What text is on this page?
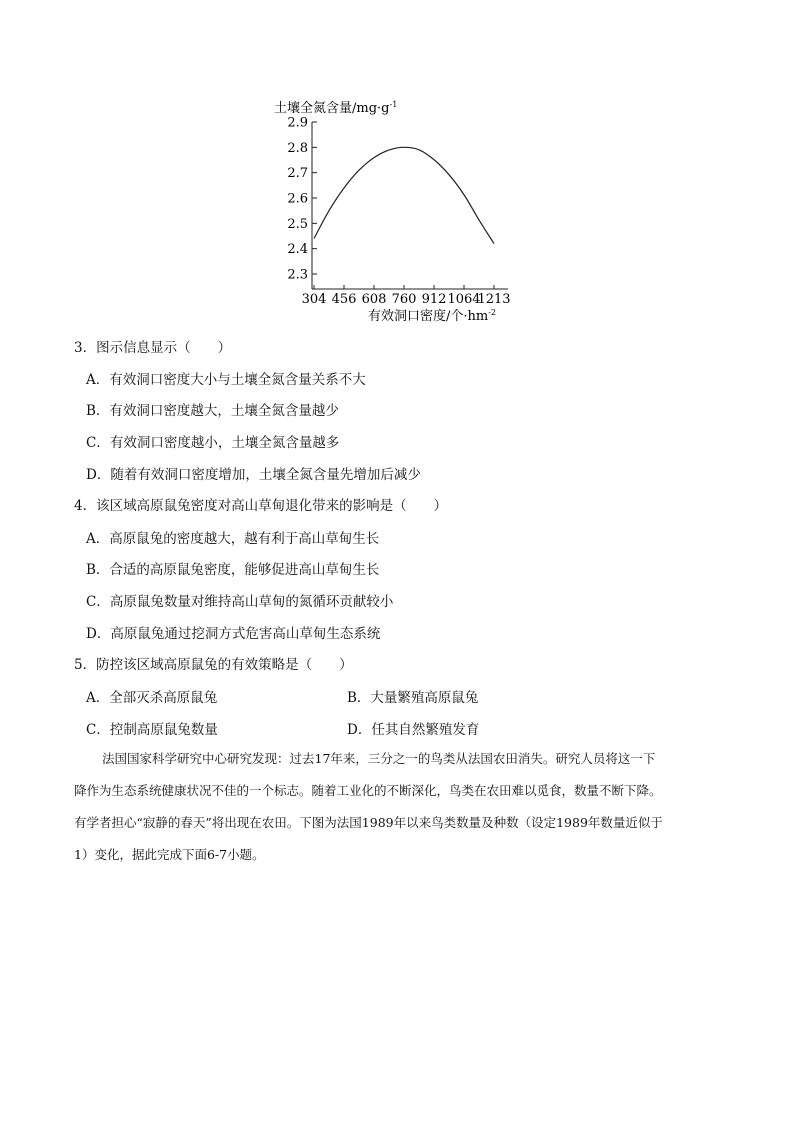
土壤全氮含量$/mg\cdot g^{-1}$
2.3
2.4
2.5
2.6
2.7
2.8
2.9
304 456 608 760 912 1064
1213
有效洞口密度/个$\cdot hm^{-2}$
3．图示信息显示（　　）
A．有效洞口密度大小与土壤全氮含量关系不大
B．有效洞口密度越大，土壤全氮含量越少
C．有效洞口密度越小，土壤全氮含量越多
D．随着有效洞口密度增加，土壤全氮含量先增加后减少
4．该区域高原鼠兔密度对高山草甸退化带来的影响是（　　）
A．高原鼠兔的密度越大，越有利于高山草甸生长
B．合适的高原鼠兔密度，能够促进高山草甸生长
C．高原鼠兔数量对维持高山草甸的氮循环贡献较小
D．高原鼠兔通过挖洞方式危害高山草甸生态系统
5．防控该区域高原鼠兔的有效策略是（　　）
A．全部灭杀高原鼠兔	B．大量繁殖高原鼠兔
C．控制高原鼠兔数量	D．任其自然繁殖发育
法国国家科学研究中心研究发现：过去17年来，三分之一的鸟类从法国农田消失。研究人员将这一下
降作为生态系统健康状况不佳的一个标志。随着工业化的不断深化，鸟类在农田难以觅食，数量不断下降。
有学者担心“寂静的春天”将出现在农田。下图为法国1989年以来鸟类数量及种数（设定1989年数量近似于
1）变化，据此完成下面6-7小题。
